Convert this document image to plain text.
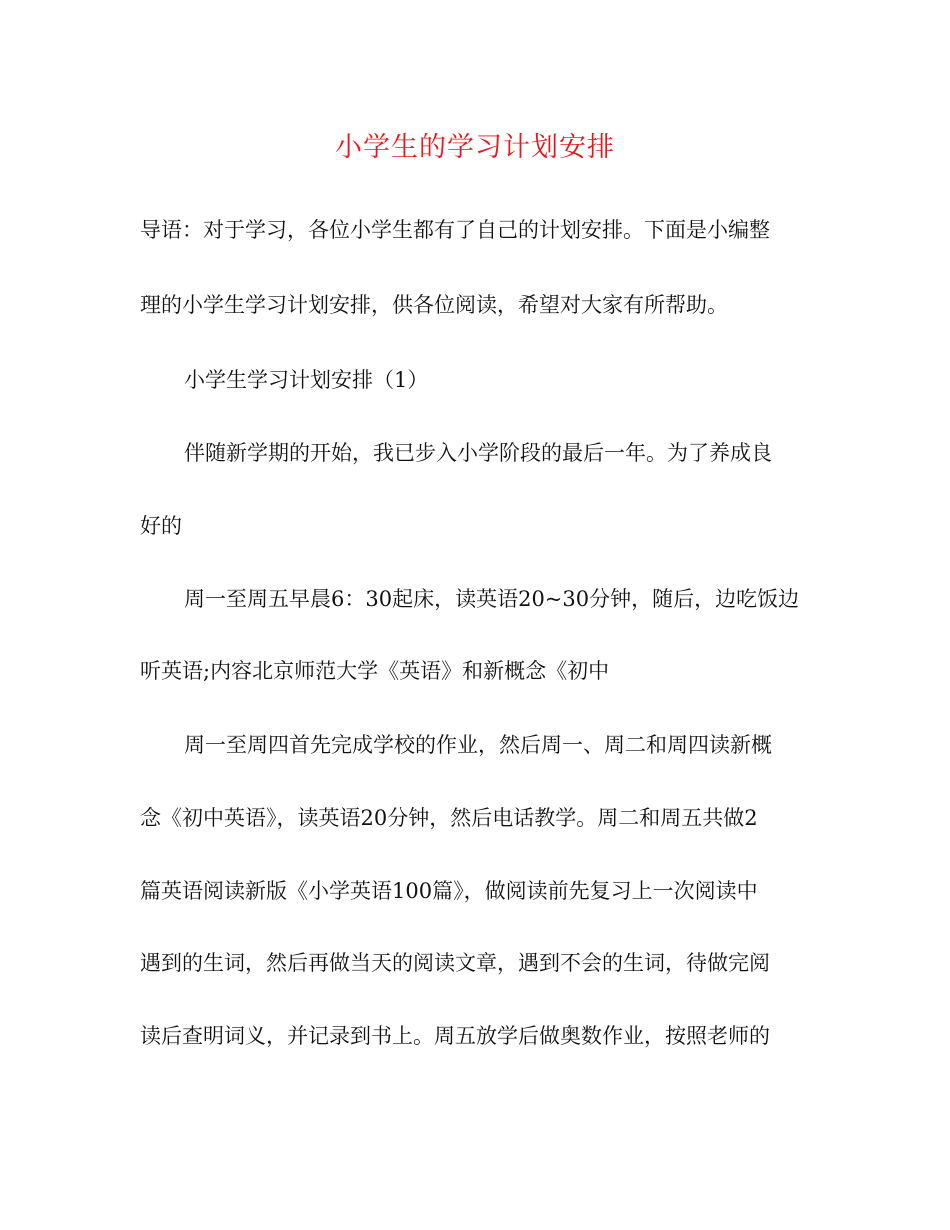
小学生的学习计划安排
导语：对于学习，各位小学生都有了自己的计划安排。下面是小编整
理的小学生学习计划安排，供各位阅读，希望对大家有所帮助。
小学生学习计划安排（1）
伴随新学期的开始，我已步入小学阶段的最后一年。为了养成良
好的
周一至周五早晨6：30起床，读英语20~30分钟，随后，边吃饭边
听英语;内容北京师范大学《英语》和新概念《初中
周一至周四首先完成学校的作业，然后周一、周二和周四读新概
念《初中英语》，读英语20分钟，然后电话教学。周二和周五共做2
篇英语阅读新版《小学英语100篇》，做阅读前先复习上一次阅读中
遇到的生词，然后再做当天的阅读文章，遇到不会的生词，待做完阅
读后查明词义，并记录到书上。周五放学后做奥数作业，按照老师的
